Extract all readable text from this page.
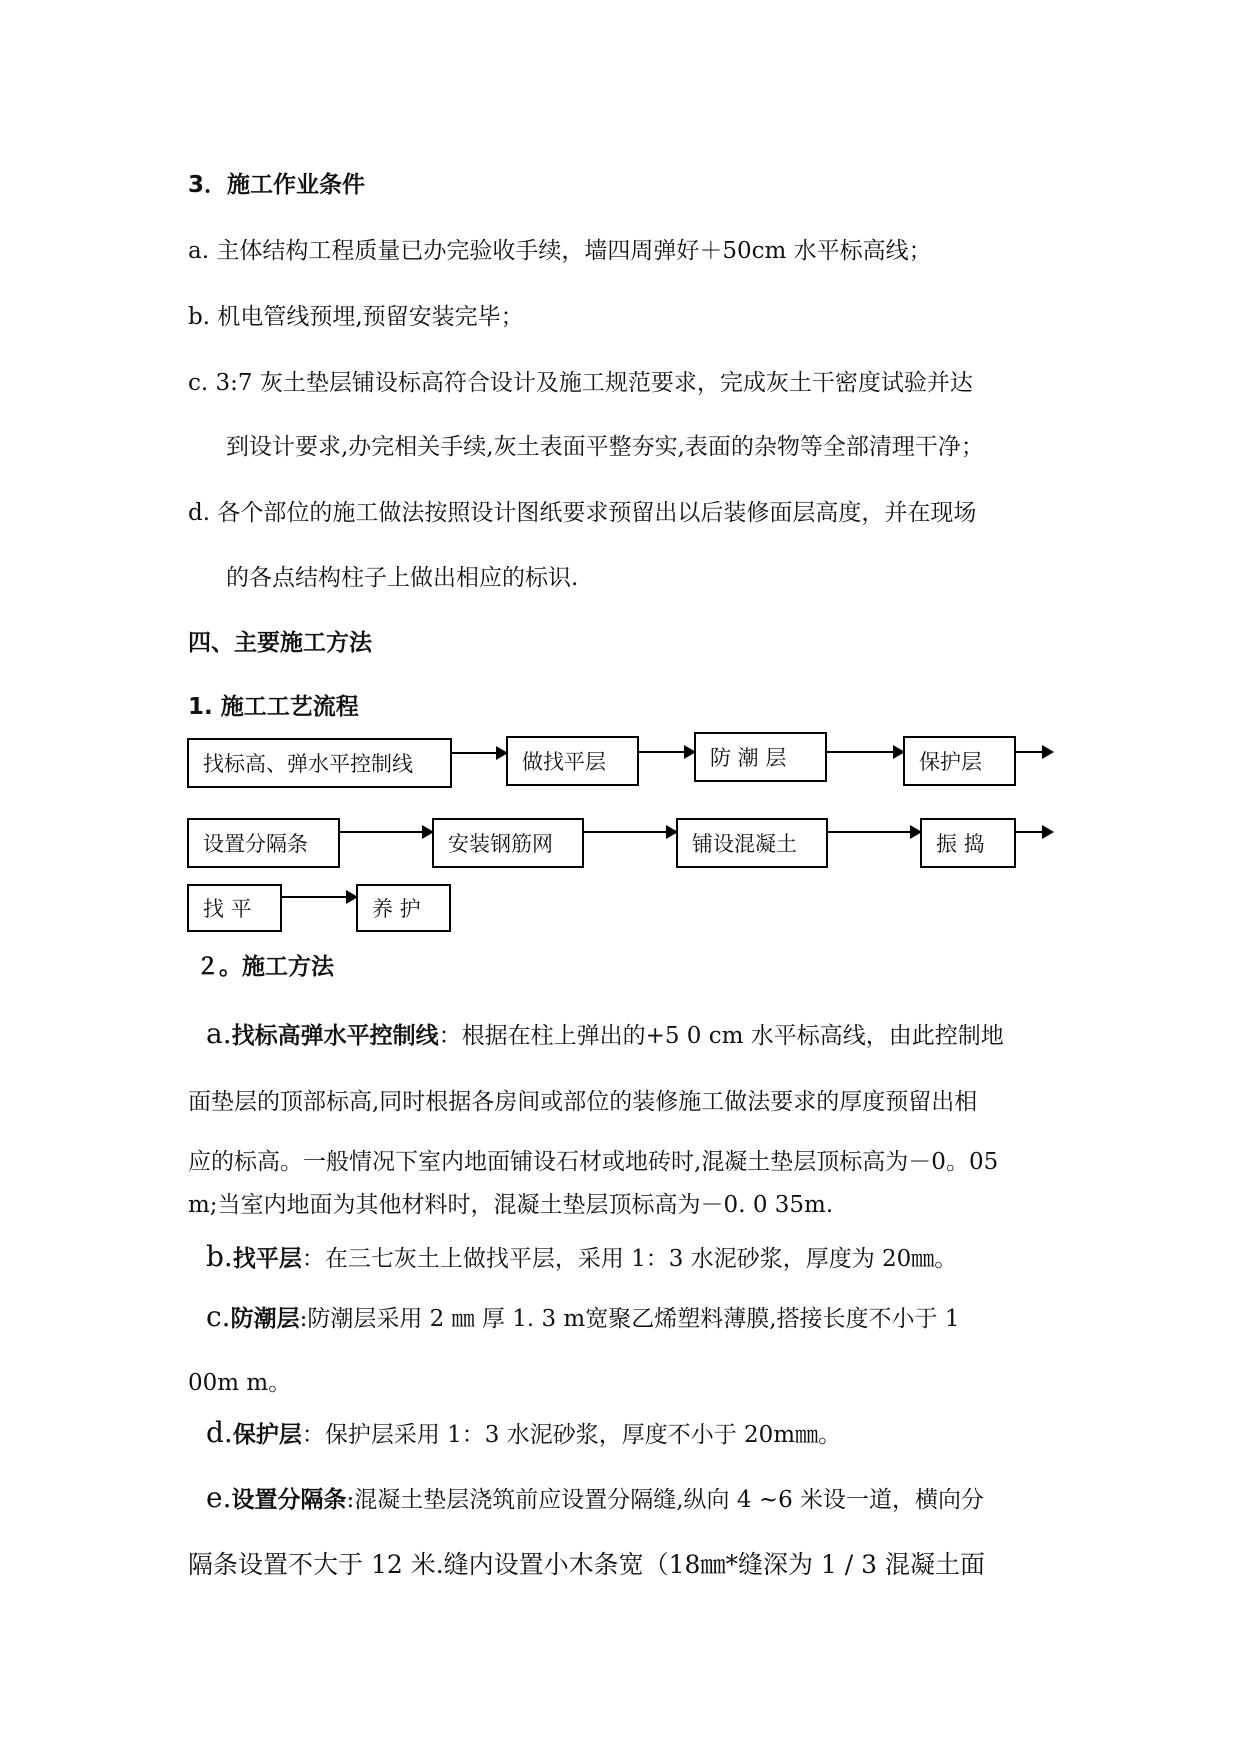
3．施工作业条件
a. 主体结构工程质量已办完验收手续，墙四周弹好＋50cm 水平标高线；
b. 机电管线预埋,预留安装完毕；
c. 3:7 灰土垫层铺设标高符合设计及施工规范要求，完成灰土干密度试验并达
到设计要求,办完相关手续,灰土表面平整夯实,表面的杂物等全部清理干净；
d. 各个部位的施工做法按照设计图纸要求预留出以后装修面层高度，并在现场
的各点结构柱子上做出相应的标识.
四、主要施工方法
1. 施工工艺流程
找标高、弹水平控制线	做找平层	防 潮 层	保护层
设置分隔条	安装钢筋网	铺设混凝土	振 捣
找 平	养 护
２。施工方法
a.找标高弹水平控制线：根据在柱上弹出的+5 0 cm 水平标高线，由此控制地
面垫层的顶部标高,同时根据各房间或部位的装修施工做法要求的厚度预留出相
应的标高。一般情况下室内地面铺设石材或地砖时,混凝土垫层顶标高为－0。05
m;当室内地面为其他材料时，混凝土垫层顶标高为－0. 0 35m.
b.找平层：在三七灰土上做找平层，采用 1：3 水泥砂浆，厚度为 20㎜。
c.防潮层:防潮层采用 2 ㎜ 厚 1. 3 m宽聚乙烯塑料薄膜,搭接长度不小于 1
00m m。
d.保护层：保护层采用 1：3 水泥砂浆，厚度不小于 20m㎜。
e.设置分隔条:混凝土垫层浇筑前应设置分隔缝,纵向 4 ~6 米设一道，横向分
隔条设置不大于 12 米.缝内设置小木条宽（18㎜*缝深为 1 / 3 混凝土面
